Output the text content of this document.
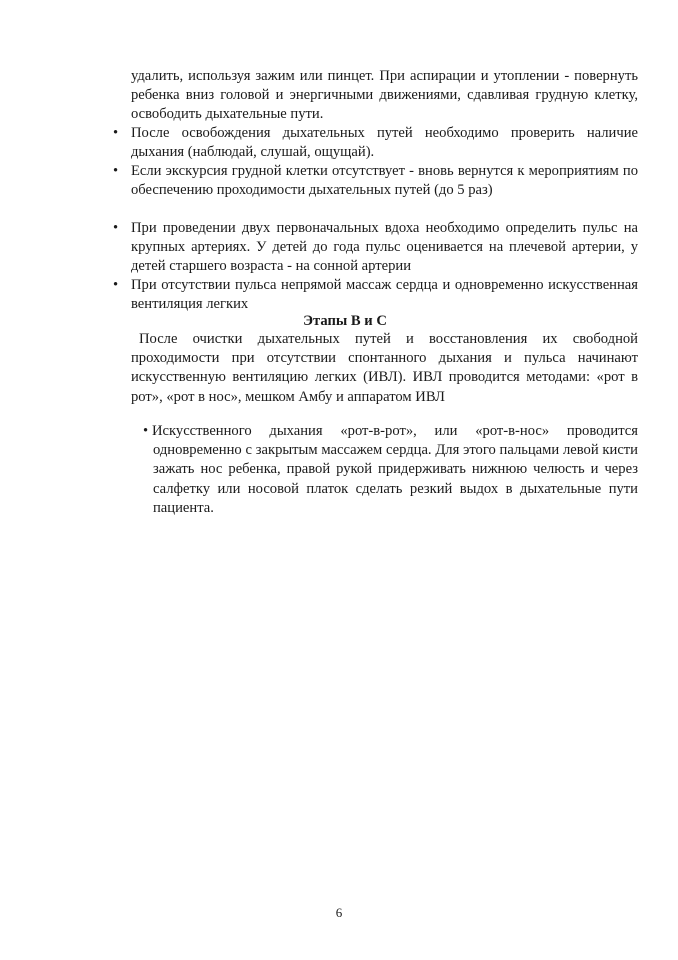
удалить, используя зажим или пинцет. При аспирации и утоплении - повернуть ребенка вниз головой и энергичными движениями, сдавливая грудную клетку, освободить дыхательные пути.
• После освобождения дыхательных путей необходимо проверить наличие дыхания (наблюдай, слушай, ощущай).
• Если экскурсия грудной клетки отсутствует - вновь вернутся к мероприятиям по обеспечению проходимости дыхательных путей (до 5 раз)
• При проведении двух первоначальных вдоха необходимо определить пульс на крупных артериях. У детей до года пульс оценивается на плечевой артерии, у детей старшего возраста - на сонной артерии
• При отсутствии пульса непрямой массаж сердца и одновременно искусственная вентиляция легких
Этапы В и С
После очистки дыхательных путей и восстановления их свободной проходимости при отсутствии спонтанного дыхания и пульса начинают искусственную вентиляцию легких (ИВЛ). ИВЛ проводится методами: «рот в рот», «рот в нос», мешком Амбу и аппаратом ИВЛ
• Искусственного дыхания «рот-в-рот», или «рот-в-нос» проводится одновременно с закрытым массажем сердца. Для этого пальцами левой кисти зажать нос ребенка, правой рукой придерживать нижнюю челюсть и через салфетку или носовой платок сделать резкий выдох в дыхательные пути пациента.
6
